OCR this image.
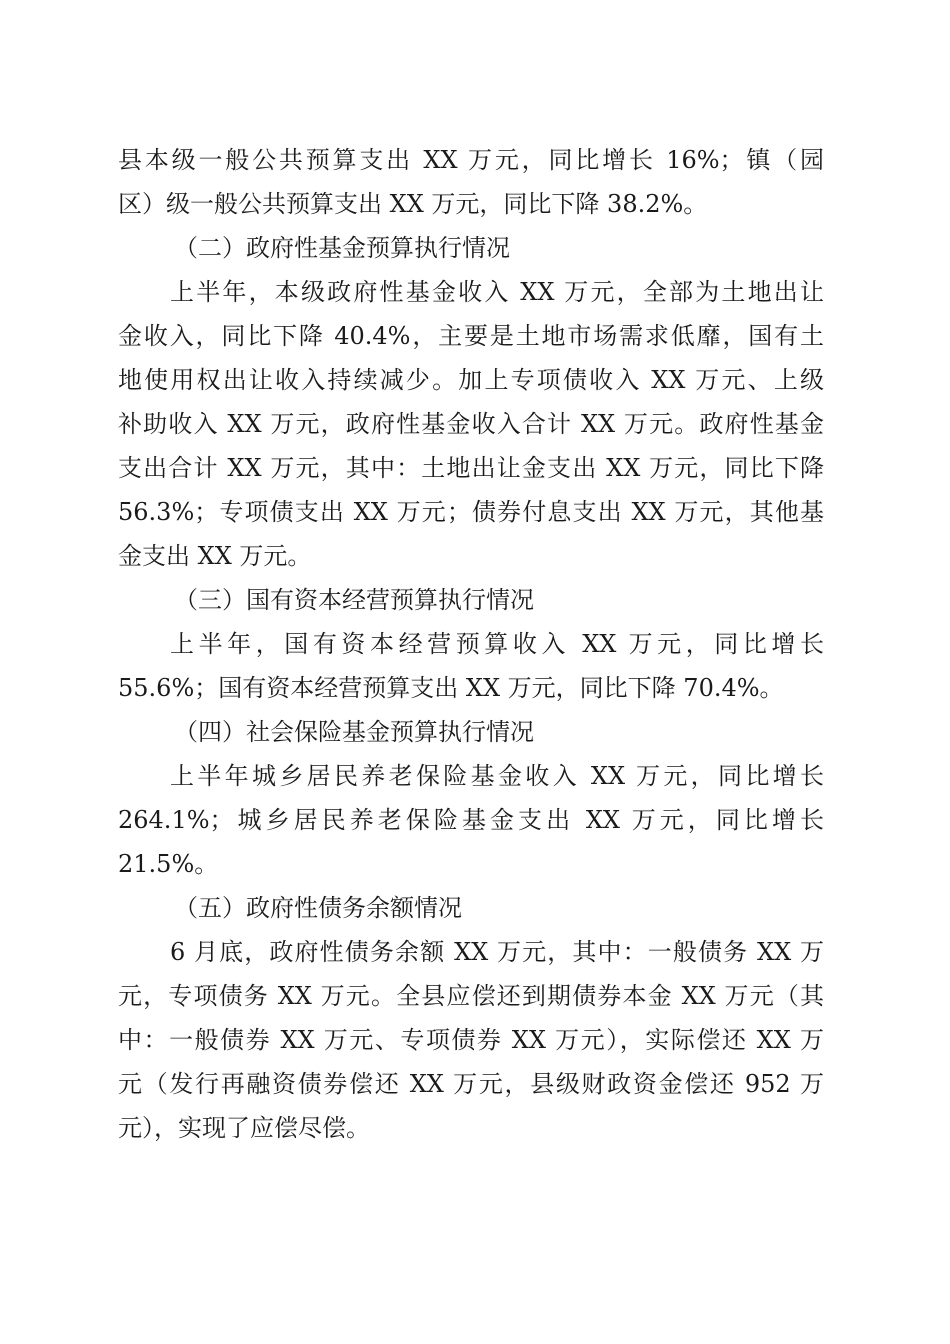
县本级一般公共预算支出 XX 万元，同比增长 16%；镇（园
区）级一般公共预算支出 XX 万元，同比下降 38.2%。
（二）政府性基金预算执行情况
上半年，本级政府性基金收入 XX 万元，全部为土地出让
金收入，同比下降 40.4%，主要是土地市场需求低靡，国有土
地使用权出让收入持续减少。加上专项债收入 XX 万元、上级
补助收入 XX 万元，政府性基金收入合计 XX 万元。政府性基金
支出合计 XX 万元，其中：土地出让金支出 XX 万元，同比下降
56.3%；专项债支出 XX 万元；债券付息支出 XX 万元，其他基
金支出 XX 万元。
（三）国有资本经营预算执行情况
上半年，国有资本经营预算收入 XX 万元，同比增长
55.6%；国有资本经营预算支出 XX 万元，同比下降 70.4%。
（四）社会保险基金预算执行情况
上半年城乡居民养老保险基金收入 XX 万元，同比增长
264.1%；城乡居民养老保险基金支出 XX 万元，同比增长
21.5%。
（五）政府性债务余额情况
6 月底，政府性债务余额 XX 万元，其中：一般债务 XX 万
元，专项债务 XX 万元。全县应偿还到期债券本金 XX 万元（其
中：一般债券 XX 万元、专项债券 XX 万元），实际偿还 XX 万
元（发行再融资债券偿还 XX 万元，县级财政资金偿还 952 万
元），实现了应偿尽偿。
